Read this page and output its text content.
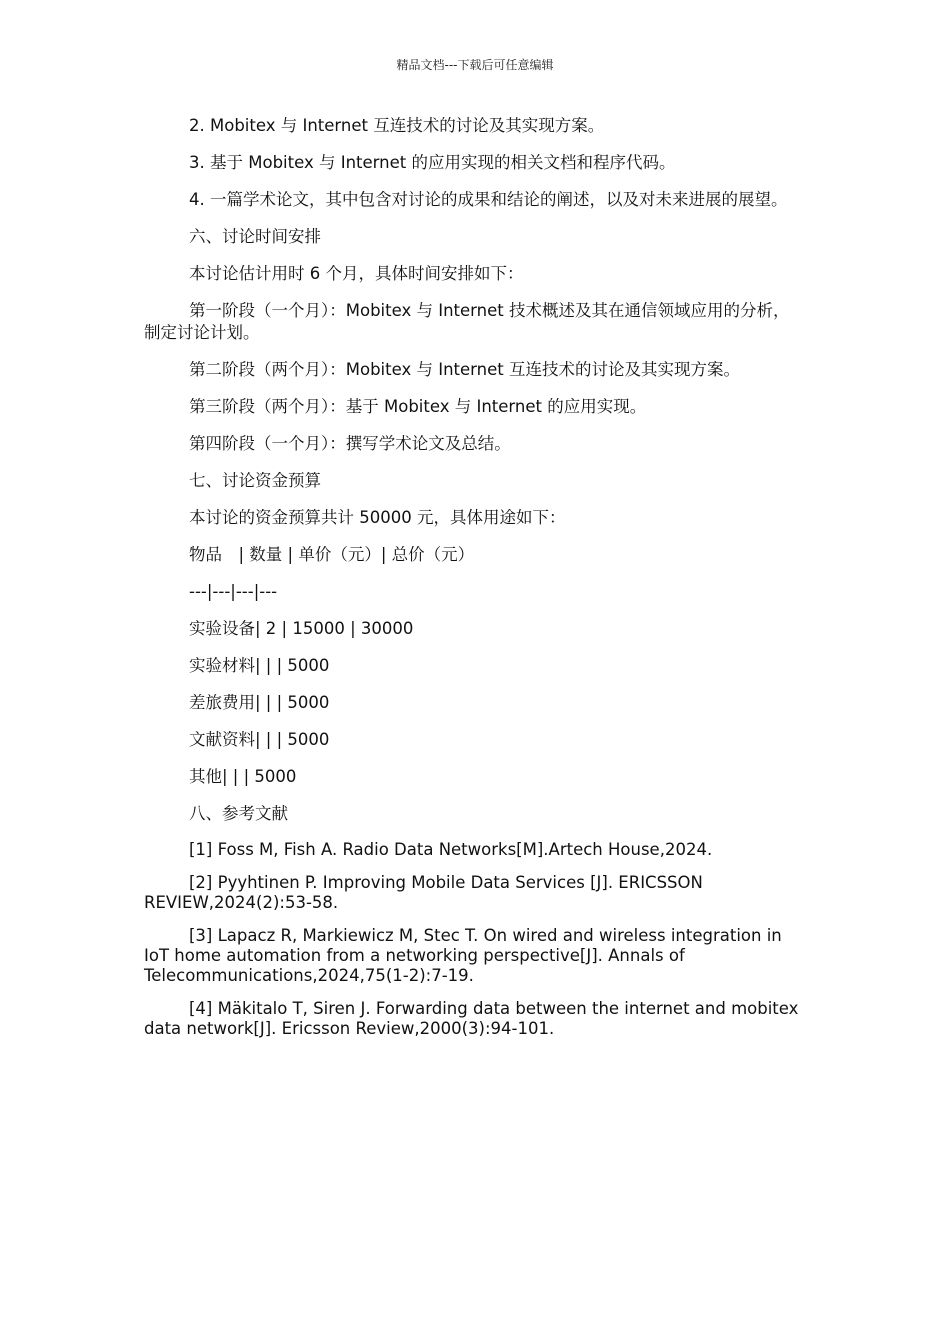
精品文档---下载后可任意编辑

2. Mobitex 与 Internet 互连技术的讨论及其实现方案。

3. 基于 Mobitex 与 Internet 的应用实现的相关文档和程序代码。

4. 一篇学术论文，其中包含对讨论的成果和结论的阐述，以及对未来进展的展望。

六、讨论时间安排

本讨论估计用时 6 个月，具体时间安排如下：

第一阶段（一个月）：Mobitex 与 Internet 技术概述及其在通信领域应用的分析，制定讨论计划。

第二阶段（两个月）：Mobitex 与 Internet 互连技术的讨论及其实现方案。

第三阶段（两个月）：基于 Mobitex 与 Internet 的应用实现。

第四阶段（一个月）：撰写学术论文及总结。

七、讨论资金预算

本讨论的资金预算共计 50000 元，具体用途如下：

物品　| 数量 | 单价（元）| 总价（元）

---|---|---|---

实验设备| 2 | 15000 | 30000

实验材料| | | 5000

差旅费用| | | 5000

文献资料| | | 5000

其他| | | 5000

八、参考文献

[1] Foss M, Fish A. Radio Data Networks[M].Artech House,2024.

[2] Pyyhtinen P. Improving Mobile Data Services [J]. ERICSSON REVIEW,2024(2):53-58.

[3] Lapacz R, Markiewicz M, Stec T. On wired and wireless integration in IoT home automation from a networking perspective[J]. Annals of Telecommunications,2024,75(1-2):7-19.

[4] Mäkitalo T, Siren J. Forwarding data between the internet and mobitex data network[J]. Ericsson Review,2000(3):94-101.
